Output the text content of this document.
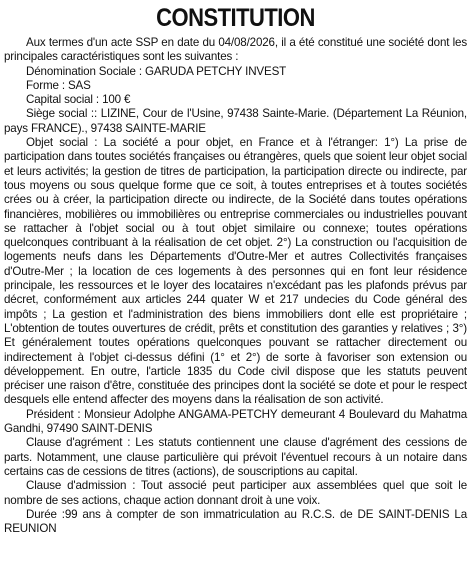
CONSTITUTION

Aux termes d'un acte SSP en date du 04/08/2026, il a été constitué une société dont les principales caractéristiques sont les suivantes :

Dénomination Sociale : GARUDA PETCHY INVEST

Forme : SAS

Capital social : 100 €

Siège social :: LIZINE, Cour de l'Usine, 97438 Sainte-Marie. (Département La Réunion, pays FRANCE)., 97438 SAINTE-MARIE

Objet social : La société a pour objet, en France et à l'étranger: 1°) La prise de participation dans toutes sociétés françaises ou étrangères, quels que soient leur objet social et leurs activités; la gestion de titres de participation, la participation directe ou indirecte, par tous moyens ou sous quelque forme que ce soit, à toutes entreprises et à toutes sociétés crées ou à créer, la participation directe ou indirecte, de la Société dans toutes opérations financières, mobilières ou immobilières ou entreprise commerciales ou industrielles pouvant se rattacher à l'objet social ou à tout objet similaire ou connexe; toutes opérations quelconques contribuant à la réalisation de cet objet. 2°) La construction ou l'acquisition de logements neufs dans les Départements d'Outre-Mer et autres Collectivités françaises d'Outre-Mer ; la location de ces logements à des personnes qui en font leur résidence principale, les ressources et le loyer des locataires n'excédant pas les plafonds prévus par décret, conformément aux articles 244 quater W et 217 undecies du Code général des impôts ; La gestion et l'administration des biens immobiliers dont elle est propriétaire ; L'obtention de toutes ouvertures de crédit, prêts et constitution des garanties y relatives ; 3°) Et généralement toutes opérations quelconques pouvant se rattacher directement ou indirectement à l'objet ci-dessus défini (1° et 2°) de sorte à favoriser son extension ou développement. En outre, l'article 1835 du Code civil dispose que les statuts peuvent préciser une raison d'être, constituée des principes dont la société se dote et pour le respect desquels elle entend affecter des moyens dans la réalisation de son activité.

Président : Monsieur Adolphe ANGAMA-PETCHY demeurant 4 Boulevard du Mahatma Gandhi, 97490 SAINT-DENIS

Clause d'agrément : Les statuts contiennent une clause d'agrément des cessions de parts. Notamment, une clause particulière qui prévoit l'éventuel recours à un notaire dans certains cas de cessions de titres (actions), de souscriptions au capital.

Clause d'admission : Tout associé peut participer aux assemblées quel que soit le nombre de ses actions, chaque action donnant droit à une voix.

Durée :99 ans à compter de son immatriculation au R.C.S. de DE SAINT-DENIS La REUNION
